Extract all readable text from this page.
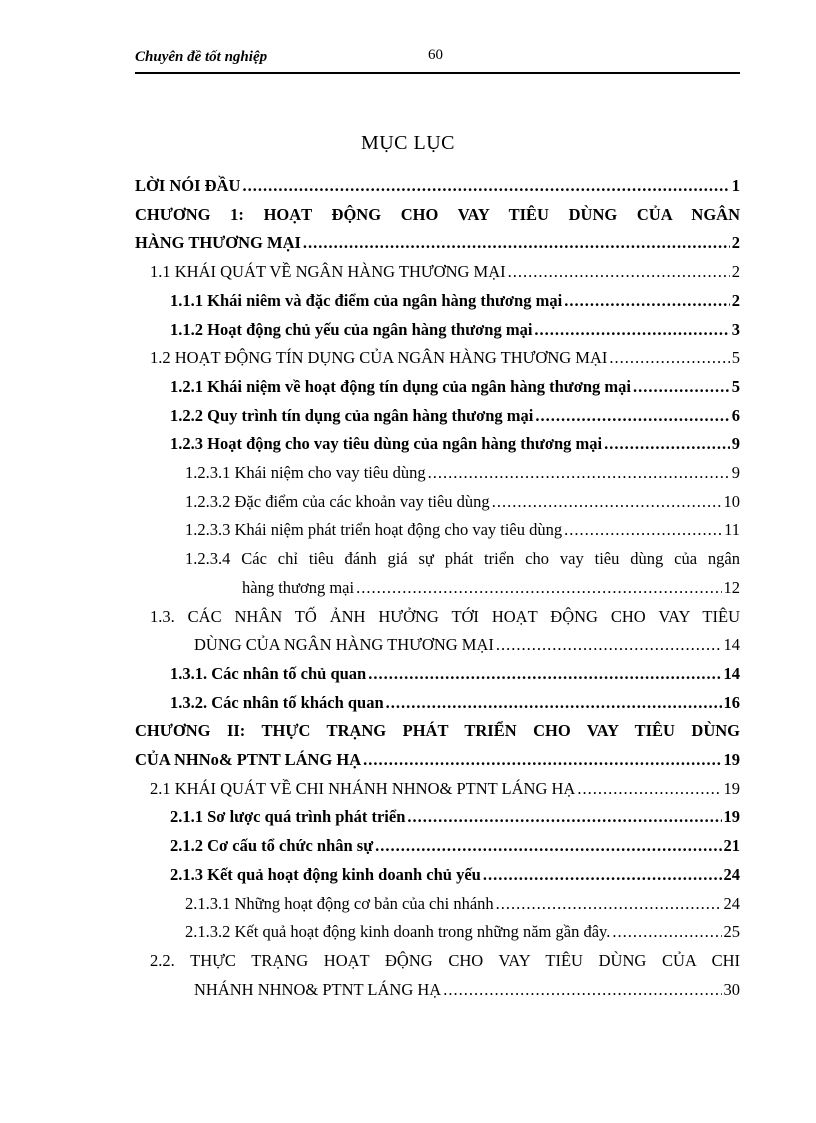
Chuyên đề tốt nghiệp	60
MỤC LỤC
LỜI NÓI ĐẦU .....	1
CHƯƠNG 1: HOẠT ĐỘNG CHO VAY TIÊU DÙNG CỦA NGÂN
HÀNG THƯƠNG MẠI .....	2
1.1 KHÁI QUÁT VỀ NGÂN HÀNG THƯƠNG MẠI .....	2
1.1.1 Khái niêm và đặc điểm của ngân hàng thương mại .....	2
1.1.2 Hoạt động chủ yếu của ngân hàng thương mại .....	3
1.2 HOẠT ĐỘNG TÍN DỤNG CỦA NGÂN HÀNG THƯƠNG MẠI .....	5
1.2.1 Khái niệm về hoạt động tín dụng của ngân hàng thương mại .....	5
1.2.2 Quy trình tín dụng của ngân hàng thương mại .....	6
1.2.3 Hoạt động cho vay tiêu dùng của ngân hàng thương mại .....	9
1.2.3.1 Khái niệm cho vay tiêu dùng .....	9
1.2.3.2 Đặc điểm của các khoản vay tiêu dùng .....	10
1.2.3.3 Khái niệm phát triển hoạt động cho vay tiêu dùng .....	11
1.2.3.4 Các chỉ tiêu đánh giá sự phát triển cho vay tiêu dùng của ngân
hàng thương mại .....	12
1.3. CÁC NHÂN TỐ ẢNH HƯỞNG TỚI HOẠT ĐỘNG CHO VAY TIÊU
DÙNG CỦA NGÂN HÀNG THƯƠNG MẠI .....	14
1.3.1. Các nhân tố chủ quan .....	14
1.3.2. Các nhân tố khách quan .....	16
CHƯƠNG II: THỰC TRẠNG PHÁT TRIỂN CHO VAY TIÊU DÙNG
CỦA NHNo& PTNT LÁNG HẠ .....	19
2.1 KHÁI QUÁT VỀ CHI NHÁNH NHNO& PTNT LÁNG HẠ .....	19
2.1.1 Sơ lược quá trình phát triển .....	19
2.1.2 Cơ cấu tổ chức nhân sự .....	21
2.1.3 Kết quả hoạt động kinh doanh chủ yếu .....	24
2.1.3.1 Những hoạt động cơ bản của chi nhánh .....	24
2.1.3.2 Kết quả hoạt động kinh doanh trong những năm gần đây. .....	25
2.2. THỰC TRẠNG HOẠT ĐỘNG CHO VAY TIÊU DÙNG CỦA CHI
NHÁNH NHNO& PTNT LÁNG HẠ .....	30
